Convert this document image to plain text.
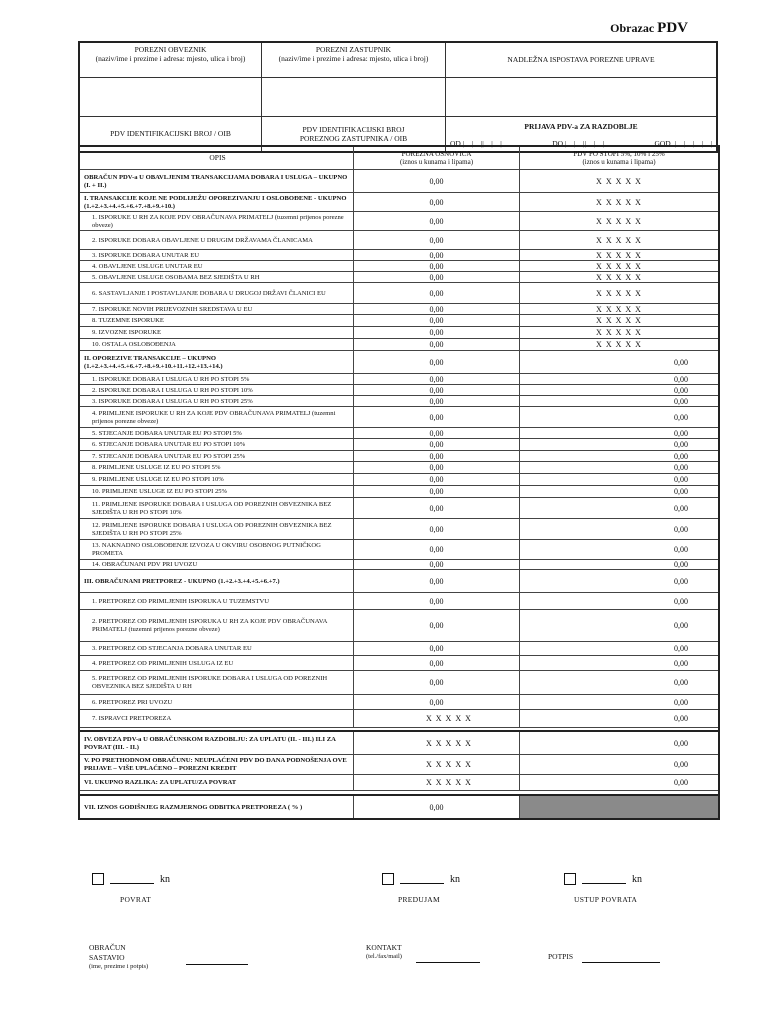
Obrazac PDV
POREZNI OBVEZNIK
(naziv/ime i prezime i adresa: mjesto, ulica i broj)
POREZNI ZASTUPNIK
(naziv/ime i prezime i adresa: mjesto, ulica i broj)	NADLEŽNA ISPOSTAVA POREZNE UPRAVE
PDV IDENTIFIKACIJSKI BROJ / OIB
PDV IDENTIFIKACIJSKI BROJ
POREZNOG ZASTUPNIKA / OIB
PRIJAVA PDV-a ZA RAZDOBLJE
OD |__|__||__|__|	DO |__|__||__|__|	GOD. |__|__|__|__|
OPIS	POREZNA OSNOVICA
(iznos u kunama i lipama)
PDV PO STOPI 5%, 10% i 25%
(iznos u kunama i lipama)
OBRAČUN PDV-a U OBAVLJENIM TRANSAKCIJAMA DOBARA I USLUGA – UKUPNO (I. + II.)	0,00	X X X X X
I. TRANSAKCIJE KOJE NE PODLIJEŽU OPOREZIVANJU I OSLOBOĐENE - UKUPNO (1.+2.+3.+4.+5.+6.+7.+8.+9.+10.)	0,00	X X X X X
1. ISPORUKE U RH ZA KOJE PDV OBRAČUNAVA PRIMATELJ (tuzemni prijenos porezne obveze)	0,00	X X X X X
2. ISPORUKE DOBARA OBAVLJENE U DRUGIM DRŽAVAMA ČLANICAMA	0,00	X X X X X
3. ISPORUKE DOBARA UNUTAR EU	0,00	X X X X X
4. OBAVLJENE USLUGE UNUTAR EU	0,00	X X X X X
5. OBAVLJENE USLUGE OSOBAMA BEZ SJEDIŠTA U RH	0,00	X X X X X
6. SASTAVLJANJE I POSTAVLJANJE DOBARA U DRUGOJ DRŽAVI ČLANICI EU	0,00	X X X X X
7. ISPORUKE NOVIH PRIJEVOZNIH SREDSTAVA U EU	0,00	X X X X X
8. TUZEMNE ISPORUKE	0,00	X X X X X
9. IZVOZNE ISPORUKE	0,00	X X X X X
10. OSTALA OSLOBOĐENJA	0,00	X X X X X
II. OPOREZIVE TRANSAKCIJE – UKUPNO (1.+2.+3.+4.+5.+6.+7.+8.+9.+10.+11.+12.+13.+14.)	0,00	0,00
1. ISPORUKE DOBARA I USLUGA U RH PO STOPI 5%	0,00	0,00
2. ISPORUKE DOBARA I USLUGA U RH PO STOPI 10%	0,00	0,00
3. ISPORUKE DOBARA I USLUGA U RH PO STOPI 25%	0,00	0,00
4. PRIMLJENE ISPORUKE U RH ZA KOJE PDV OBRAČUNAVA PRIMATELJ (tuzemni prijenos porezne obveze)	0,00	0,00
5. STJECANJE DOBARA UNUTAR EU PO STOPI 5%	0,00	0,00
6. STJECANJE DOBARA UNUTAR EU PO STOPI 10%	0,00	0,00
7. STJECANJE DOBARA UNUTAR EU PO STOPI 25%	0,00	0,00
8. PRIMLJENE USLUGE IZ EU PO STOPI 5%	0,00	0,00
9. PRIMLJENE USLUGE IZ EU PO STOPI 10%	0,00	0,00
10. PRIMLJENE USLUGE IZ EU PO STOPI 25%	0,00	0,00
11. PRIMLJENE ISPORUKE DOBARA I USLUGA OD POREZNIH OBVEZNIKA BEZ SJEDIŠTA U RH PO STOPI 10%	0,00	0,00
12. PRIMLJENE ISPORUKE DOBARA I USLUGA OD POREZNIH OBVEZNIKA BEZ SJEDIŠTA U RH PO STOPI 25%	0,00	0,00
13. NAKNADNO OSLOBOĐENJE IZVOZA U OKVIRU OSOBNOG PUTNIČKOG PROMETA	0,00	0,00
14. OBRAČUNANI PDV PRI UVOZU	0,00	0,00
III. OBRAČUNANI PRETPOREZ - UKUPNO (1.+2.+3.+4.+5.+6.+7.)	0,00	0,00
1. PRETPOREZ OD PRIMLJENIH ISPORUKA U TUZEMSTVU	0,00	0,00
2. PRETPOREZ OD PRIMLJENIH ISPORUKA U RH ZA KOJE PDV OBRAČUNAVA PRIMATELJ (tuzemni prijenos porezne obveze)	0,00	0,00
3. PRETPOREZ OD STJECANJA DOBARA UNUTAR EU	0,00	0,00
4. PRETPOREZ OD PRIMLJENIH USLUGA IZ EU	0,00	0,00
5. PRETPOREZ OD PRIMLJENIH ISPORUKE DOBARA I USLUGA OD POREZNIH OBVEZNIKA BEZ SJEDIŠTA U RH	0,00	0,00
6. PRETPOREZ PRI UVOZU	0,00	0,00
7. ISPRAVCI PRETPOREZA	X X X X X	0,00
IV. OBVEZA PDV-a U OBRAČUNSKOM RAZDOBLJU: ZA UPLATU (II. - III.) ILI ZA POVRAT (III. - II.)	X X X X X	0,00
V. PO PRETHODNOM OBRAČUNU: NEUPLAĆENI PDV DO DANA PODNOŠENJA OVE PRIJAVE – VIŠE UPLAĆENO – POREZNI KREDIT	X X X X X	0,00
VI. UKUPNO RAZLIKA: ZA UPLATU/ZA POVRAT	X X X X X	0,00
VII. IZNOS GODIŠNJEG RAZMJERNOG ODBITKA PRETPOREZA ( % )	0,00
kn
POVRAT
kn
PREDUJAM
kn
USTUP POVRATA
OBRAČUN
SASTAVIO
(ime, prezime i potpis)
KONTAKT
(tel./fax/mail)	POTPIS
